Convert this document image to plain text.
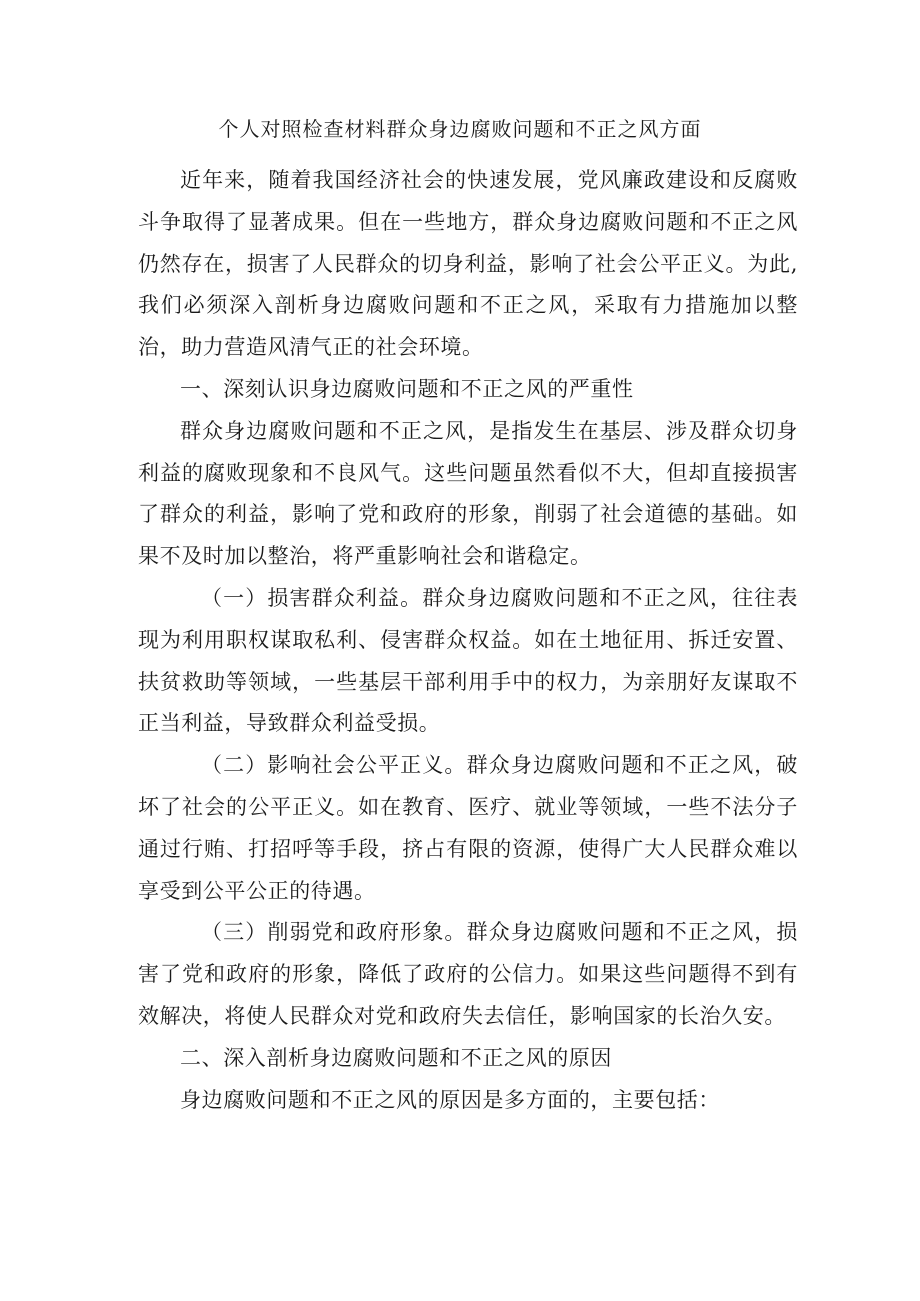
个人对照检查材料群众身边腐败问题和不正之风方面

近年来，随着我国经济社会的快速发展，党风廉政建设和反腐败斗争取得了显著成果。但在一些地方，群众身边腐败问题和不正之风仍然存在，损害了人民群众的切身利益，影响了社会公平正义。为此,我们必须深入剖析身边腐败问题和不正之风，采取有力措施加以整治，助力营造风清气正的社会环境。

一、深刻认识身边腐败问题和不正之风的严重性

群众身边腐败问题和不正之风，是指发生在基层、涉及群众切身利益的腐败现象和不良风气。这些问题虽然看似不大，但却直接损害了群众的利益，影响了党和政府的形象，削弱了社会道德的基础。如果不及时加以整治，将严重影响社会和谐稳定。

（一）损害群众利益。群众身边腐败问题和不正之风，往往表现为利用职权谋取私利、侵害群众权益。如在土地征用、拆迁安置、扶贫救助等领域，一些基层干部利用手中的权力，为亲朋好友谋取不正当利益，导致群众利益受损。

（二）影响社会公平正义。群众身边腐败问题和不正之风，破坏了社会的公平正义。如在教育、医疗、就业等领域，一些不法分子通过行贿、打招呼等手段，挤占有限的资源，使得广大人民群众难以享受到公平公正的待遇。

（三）削弱党和政府形象。群众身边腐败问题和不正之风，损害了党和政府的形象，降低了政府的公信力。如果这些问题得不到有效解决，将使人民群众对党和政府失去信任，影响国家的长治久安。

二、深入剖析身边腐败问题和不正之风的原因

身边腐败问题和不正之风的原因是多方面的，主要包括：
